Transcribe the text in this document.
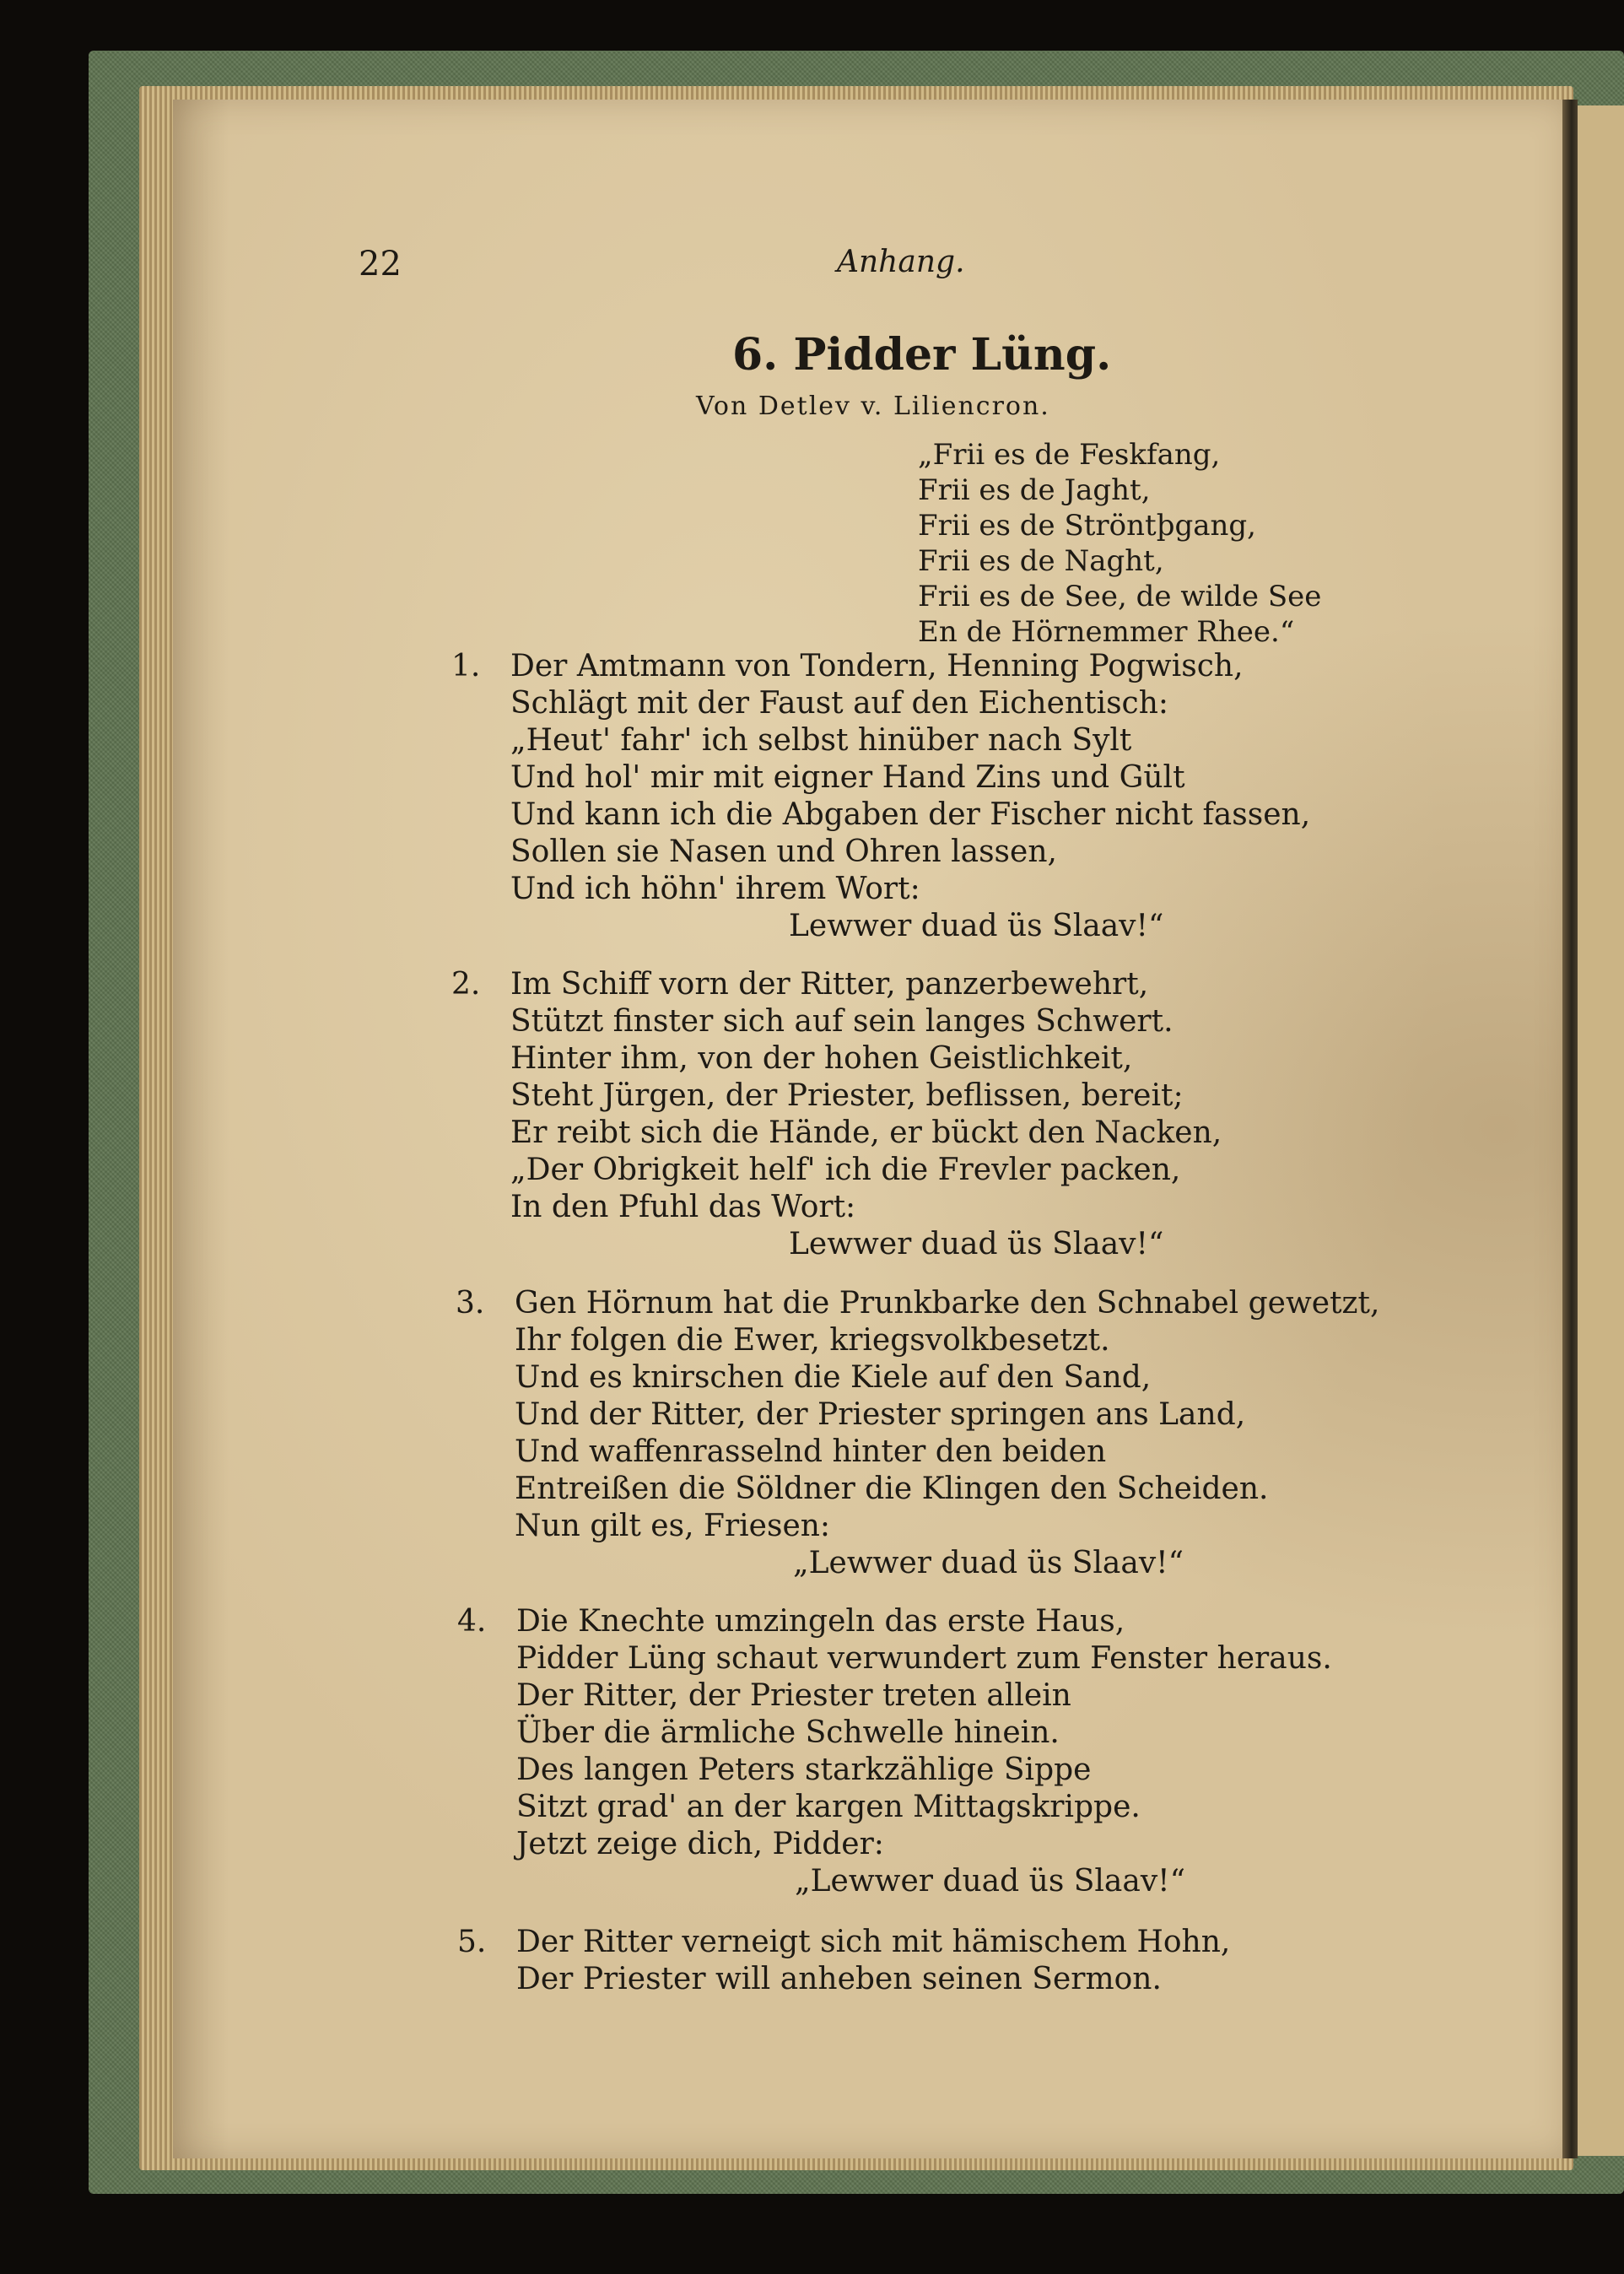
22	Anhang.
6. Pidder Lüng.
Von Detlev v. Liliencron.
„Frii es de Feskfang,
Frii es de Jaght,
Frii es de Ströntþgang,
Frii es de Naght,
Frii es de See, de wilde See
En de Hörnemmer Rhee.“
1. Der Amtmann von Tondern, Henning Pogwisch,
Schlägt mit der Faust auf den Eichentisch:
„Heut' fahr' ich selbst hinüber nach Sylt
Und hol' mir mit eigner Hand Zins und Gült
Und kann ich die Abgaben der Fischer nicht fassen,
Sollen sie Nasen und Ohren lassen,
Und ich höhn' ihrem Wort:
Lewwer duad üs Slaav!“
2. Im Schiff vorn der Ritter, panzerbewehrt,
Stützt finster sich auf sein langes Schwert.
Hinter ihm, von der hohen Geistlichkeit,
Steht Jürgen, der Priester, beflissen, bereit;
Er reibt sich die Hände, er bückt den Nacken,
„Der Obrigkeit helf' ich die Frevler packen,
In den Pfuhl das Wort:
Lewwer duad üs Slaav!“
3. Gen Hörnum hat die Prunkbarke den Schnabel gewetzt,
Ihr folgen die Ewer, kriegsvolkbesetzt.
Und es knirschen die Kiele auf den Sand,
Und der Ritter, der Priester springen ans Land,
Und waffenrasselnd hinter den beiden
Entreißen die Söldner die Klingen den Scheiden.
Nun gilt es, Friesen:
„Lewwer duad üs Slaav!“
4. Die Knechte umzingeln das erste Haus,
Pidder Lüng schaut verwundert zum Fenster heraus.
Der Ritter, der Priester treten allein
Über die ärmliche Schwelle hinein.
Des langen Peters starkzählige Sippe
Sitzt grad' an der kargen Mittagskrippe.
Jetzt zeige dich, Pidder:
„Lewwer duad üs Slaav!“
5. Der Ritter verneigt sich mit hämischem Hohn,
Der Priester will anheben seinen Sermon.
